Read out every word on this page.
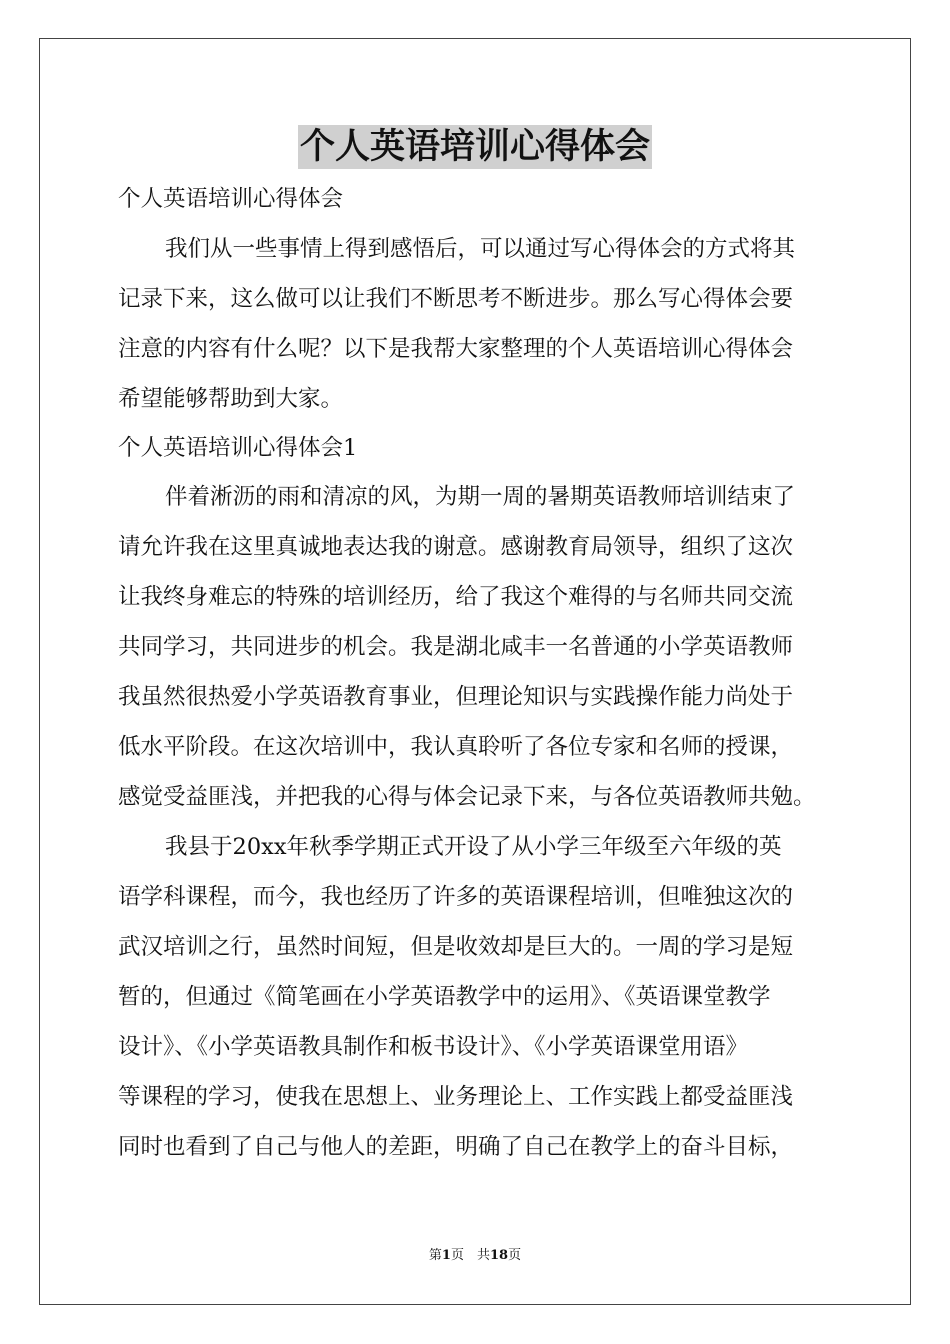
个人英语培训心得体会
个人英语培训心得体会
我们从一些事情上得到感悟后，可以通过写心得体会的方式将其
记录下来，这么做可以让我们不断思考不断进步。那么写心得体会要
注意的内容有什么呢？以下是我帮大家整理的个人英语培训心得体会
希望能够帮助到大家。
个人英语培训心得体会1
伴着淅沥的雨和清凉的风，为期一周的暑期英语教师培训结束了
请允许我在这里真诚地表达我的谢意。感谢教育局领导，组织了这次
让我终身难忘的特殊的培训经历，给了我这个难得的与名师共同交流
共同学习，共同进步的机会。我是湖北咸丰一名普通的小学英语教师
我虽然很热爱小学英语教育事业，但理论知识与实践操作能力尚处于
低水平阶段。在这次培训中，我认真聆听了各位专家和名师的授课，
感觉受益匪浅，并把我的心得与体会记录下来，与各位英语教师共勉。
我县于20xx年秋季学期正式开设了从小学三年级至六年级的英
语学科课程，而今，我也经历了许多的英语课程培训，但唯独这次的
武汉培训之行，虽然时间短，但是收效却是巨大的。一周的学习是短
暂的，但通过《简笔画在小学英语教学中的运用》、《英语课堂教学
设计》、《小学英语教具制作和板书设计》、《小学英语课堂用语》
等课程的学习，使我在思想上、业务理论上、工作实践上都受益匪浅
同时也看到了自己与他人的差距，明确了自己在教学上的奋斗目标，
第1页　共18页
